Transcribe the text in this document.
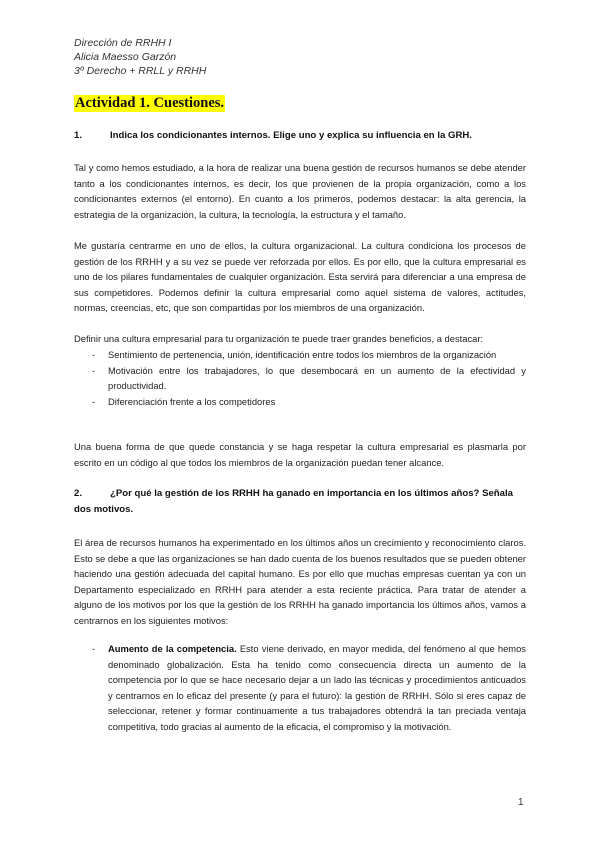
Dirección de RRHH I
Alicia Maesso Garzón
3º Derecho + RRLL y RRHH
Actividad 1. Cuestiones.
1.	Indica los condicionantes internos. Elige uno y explica su influencia en la GRH.
Tal y como hemos estudiado, a la hora de realizar una buena gestión de recursos humanos se debe atender tanto a los condicionantes internos, es decir, los que provienen de la propia organización, como a los condicionantes externos (el entorno). En cuanto a los primeros, podemos destacar: la alta gerencia, la estrategia de la organización, la cultura, la tecnología, la estructura y el tamaño.
Me gustaría centrarme en uno de ellos, la cultura organizacional. La cultura condiciona los procesos de gestión de los RRHH y a su vez se puede ver reforzada por ellos. Es por ello, que la cultura empresarial es uno de los pilares fundamentales de cualquier organización. Esta servirá para diferenciar a una empresa de sus competidores. Podemos definir la cultura empresarial como aquel sistema de valores, actitudes, normas, creencias, etc, que son compartidas por los miembros de una organización.
Definir una cultura empresarial para tu organización te puede traer grandes beneficios, a destacar:
-	Sentimiento de pertenencia, unión, identificación entre todos los miembros de la organización
-	Motivación entre los trabajadores, lo que desembocará en un aumento de la efectividad y productividad.
-	Diferenciación frente a los competidores
Una buena forma de que quede constancia y se haga respetar la cultura empresarial es plasmarla por escrito en un código al que todos los miembros de la organización puedan tener alcance.
2.	¿Por qué la gestión de los RRHH ha ganado en importancia en los últimos años? Señala dos motivos.
El área de recursos humanos ha experimentado en los últimos años un crecimiento y reconocimiento claros. Esto se debe a que las organizaciones se han dado cuenta de los buenos resultados que se pueden obtener haciendo una gestión adecuada del capital humano. Es por ello que muchas empresas cuentan ya con un Departamento especializado en RRHH para atender a esta reciente práctica. Para tratar de atender a alguno de los motivos por los que la gestión de los RRHH ha ganado importancia los últimos años, vamos a centrarnos en los siguientes motivos:
-	Aumento de la competencia. Esto viene derivado, en mayor medida, del fenómeno al que hemos denominado globalización. Esta ha tenido como consecuencia directa un aumento de la competencia por lo que se hace necesario dejar a un lado las técnicas y procedimientos anticuados y centrarnos en lo eficaz del presente (y para el futuro): la gestión de RRHH. Sólo si eres capaz de seleccionar, retener y formar continuamente a tus trabajadores obtendrá la tan preciada ventaja competitiva, todo gracias al aumento de la eficacia, el compromiso y la motivación.
1
